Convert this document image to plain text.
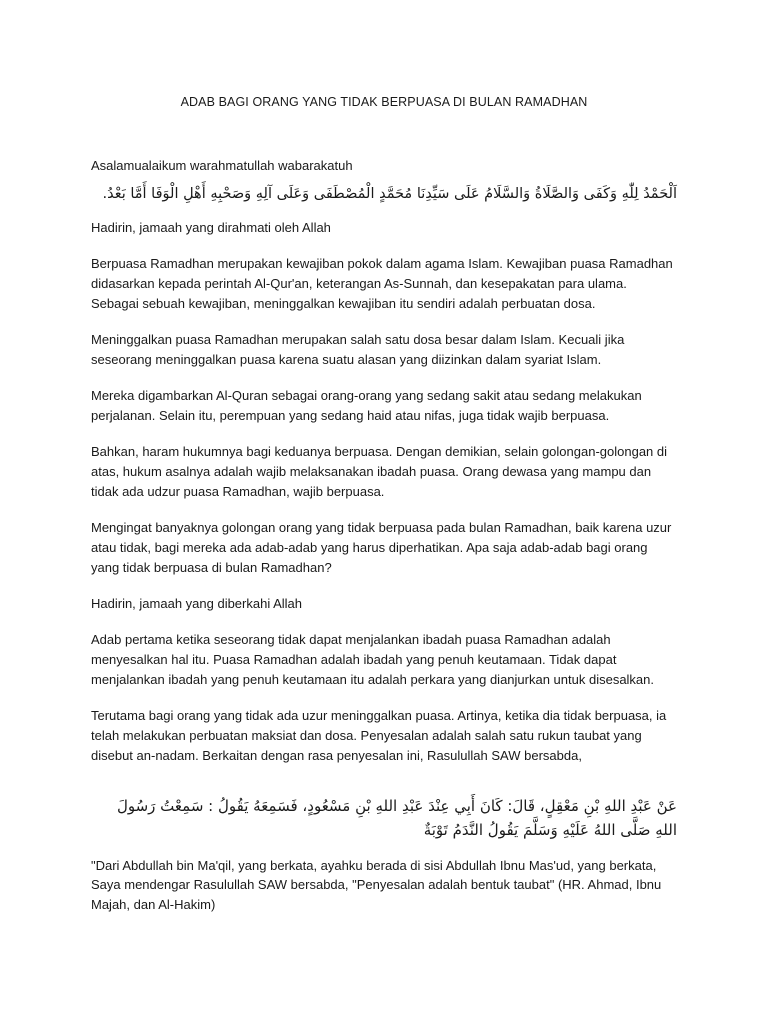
ADAB BAGI ORANG YANG TIDAK BERPUASA DI BULAN RAMADHAN
Asalamualaikum warahmatullah wabarakatuh
اَلْحَمْدُ لِلّٰهِ وَكَفَى وَالصَّلَاةُ وَالسَّلَامُ عَلَى سَيِّدِنَا مُحَمَّدٍ الْمُصْطَفَى وَعَلَى آلِهِ وَصَحْبِهِ أَهْلِ الْوَفَا أَمَّا بَعْدُ.
Hadirin, jamaah yang dirahmati oleh Allah
Berpuasa Ramadhan merupakan kewajiban pokok dalam agama Islam. Kewajiban puasa Ramadhan didasarkan kepada perintah Al-Qur'an, keterangan As-Sunnah, dan kesepakatan para ulama. Sebagai sebuah kewajiban, meninggalkan kewajiban itu sendiri adalah perbuatan dosa.
Meninggalkan puasa Ramadhan merupakan salah satu dosa besar dalam Islam. Kecuali jika seseorang meninggalkan puasa karena suatu alasan yang diizinkan dalam syariat Islam.
Mereka digambarkan Al-Quran sebagai orang-orang yang sedang sakit atau sedang melakukan perjalanan. Selain itu, perempuan yang sedang haid atau nifas, juga tidak wajib berpuasa.
Bahkan, haram hukumnya bagi keduanya berpuasa. Dengan demikian, selain golongan-golongan di atas, hukum asalnya adalah wajib melaksanakan ibadah puasa. Orang dewasa yang mampu dan tidak ada udzur puasa Ramadhan, wajib berpuasa.
Mengingat banyaknya golongan orang yang tidak berpuasa pada bulan Ramadhan, baik karena uzur atau tidak, bagi mereka ada adab-adab yang harus diperhatikan. Apa saja adab-adab bagi orang yang tidak berpuasa di bulan Ramadhan?
Hadirin, jamaah yang diberkahi Allah
Adab pertama ketika seseorang tidak dapat menjalankan ibadah puasa Ramadhan adalah menyesalkan hal itu. Puasa Ramadhan adalah ibadah yang penuh keutamaan. Tidak dapat menjalankan ibadah yang penuh keutamaan itu adalah perkara yang dianjurkan untuk disesalkan.
Terutama bagi orang yang tidak ada uzur meninggalkan puasa. Artinya, ketika dia tidak berpuasa, ia telah melakukan perbuatan maksiat dan dosa. Penyesalan adalah salah satu rukun taubat yang disebut an-nadam. Berkaitan dengan rasa penyesalan ini, Rasulullah SAW bersabda,
عَنْ عَبْدِ اللهِ بْنِ مَعْقِلٍ، قَالَ: كَانَ أَبِي عِنْدَ عَبْدِ اللهِ بْنِ مَسْعُودٍ، فَسَمِعَهُ يَقُولُ : سَمِعْتُ رَسُولَ اللهِ صَلَّى اللهُ عَلَيْهِ وَسَلَّمَ يَقُولُ النَّدَمُ تَوْبَةٌ
"Dari Abdullah bin Ma'qil, yang berkata, ayahku berada di sisi Abdullah Ibnu Mas'ud, yang berkata, Saya mendengar Rasulullah SAW bersabda, "Penyesalan adalah bentuk taubat" (HR. Ahmad, Ibnu Majah, dan Al-Hakim)
